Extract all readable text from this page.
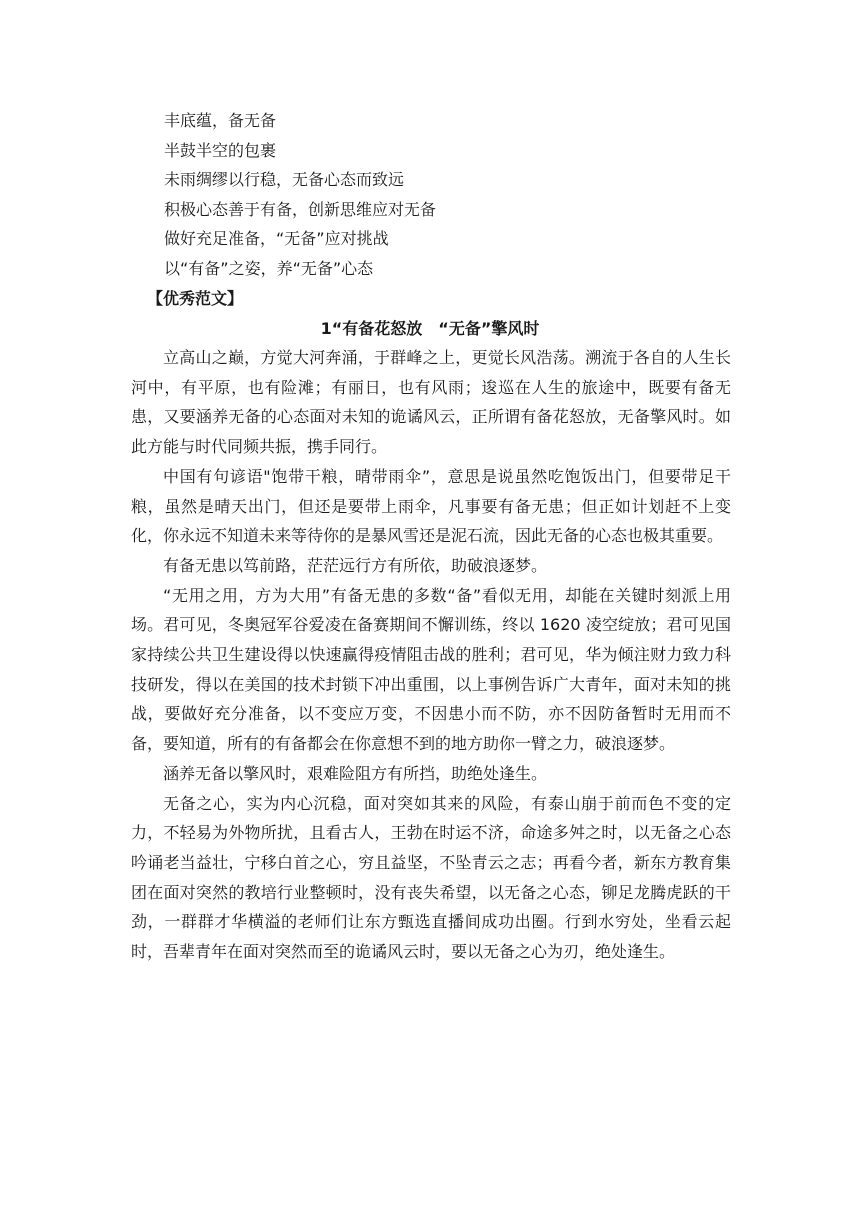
丰底蕴，备无备
半鼓半空的包裹
未雨绸缪以行稳，无备心态而致远
积极心态善于有备，创新思维应对无备
做好充足准备，“无备”应对挑战
以“有备”之姿，养“无备”心态
【优秀范文】
1“有备花怒放　“无备”擎风时

立高山之巅，方觉大河奔涌，于群峰之上，更觉长风浩荡。溯流于各自的人生长河中，有平原，也有险滩；有丽日，也有风雨；逡巡在人生的旅途中，既要有备无患，又要涵养无备的心态面对未知的诡谲风云，正所谓有备花怒放，无备擎风时。如此方能与时代同频共振，携手同行。

中国有句谚语"饱带干粮，晴带雨伞”，意思是说虽然吃饱饭出门，但要带足干粮，虽然是晴天出门，但还是要带上雨伞，凡事要有备无患；但正如计划赶不上变化，你永远不知道未来等待你的是暴风雪还是泥石流，因此无备的心态也极其重要。

有备无患以笃前路，茫茫远行方有所依，助破浪逐梦。

“无用之用，方为大用”有备无患的多数“备”看似无用，却能在关键时刻派上用场。君可见，冬奥冠军谷爱凌在备赛期间不懈训练，终以 1620 凌空绽放；君可见国家持续公共卫生建设得以快速赢得疫情阻击战的胜利；君可见，华为倾注财力致力科技研发，得以在美国的技术封锁下冲出重围，以上事例告诉广大青年，面对未知的挑战，要做好充分准备，以不变应万变，不因患小而不防，亦不因防备暂时无用而不备，要知道，所有的有备都会在你意想不到的地方助你一臂之力，破浪逐梦。

涵养无备以擎风时，艰难险阻方有所挡，助绝处逢生。

无备之心，实为内心沉稳，面对突如其来的风险，有泰山崩于前而色不变的定力，不轻易为外物所扰，且看古人，王勃在时运不济，命途多舛之时，以无备之心态吟诵老当益壮，宁移白首之心，穷且益坚，不坠青云之志；再看今者，新东方教育集团在面对突然的教培行业整顿时，没有丧失希望，以无备之心态，铆足龙腾虎跃的干劲，一群群才华横溢的老师们让东方甄选直播间成功出圈。行到水穷处，坐看云起时，吾辈青年在面对突然而至的诡谲风云时，要以无备之心为刃，绝处逢生。
